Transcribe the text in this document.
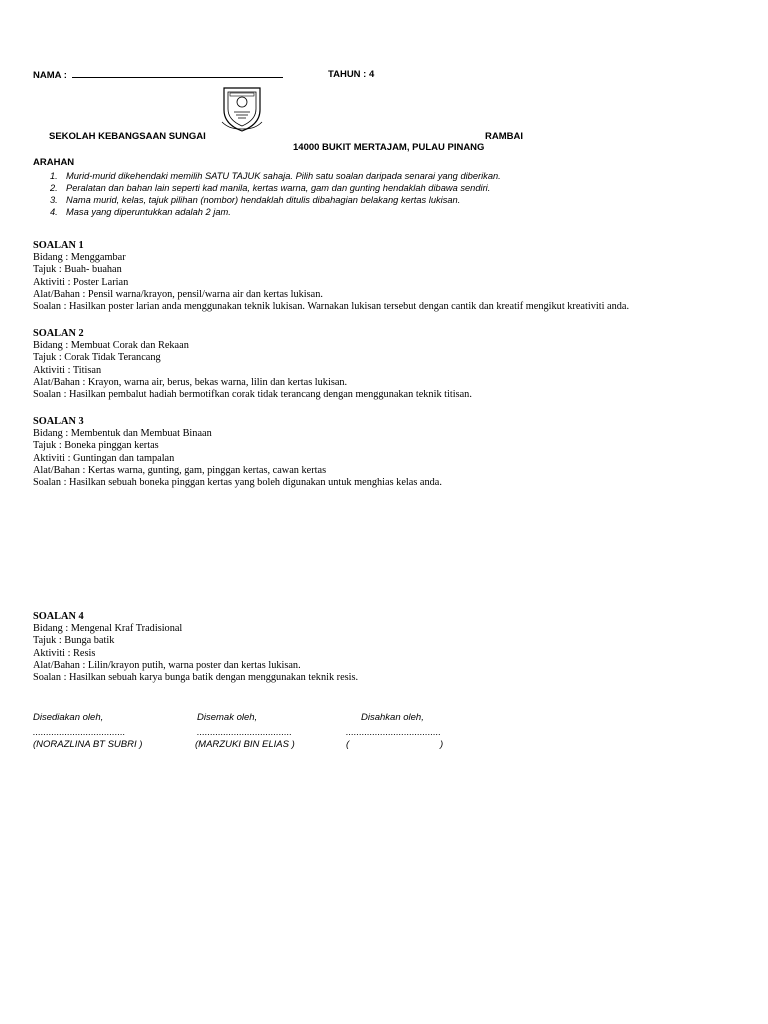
NAMA :	TAHUN : 4
SEKOLAH KEBANGSAAN SUNGAI	RAMBAI
14000 BUKIT MERTAJAM, PULAU PINANG
ARAHAN
1. Murid-murid dikehendaki memilih SATU TAJUK sahaja. Pilih satu soalan daripada senarai yang diberikan.
2. Peralatan dan bahan lain seperti kad manila, kertas warna, gam dan gunting hendaklah dibawa sendiri.
3. Nama murid, kelas, tajuk pilihan (nombor) hendaklah ditulis dibahagian belakang kertas lukisan.
4. Masa yang diperuntukkan adalah 2 jam.
SOALAN 1
Bidang : Menggambar
Tajuk : Buah- buahan
Aktiviti : Poster Larian
Alat/Bahan : Pensil warna/krayon, pensil/warna air dan kertas lukisan.
Soalan : Hasilkan poster larian anda menggunakan teknik lukisan. Warnakan lukisan tersebut dengan cantik dan kreatif mengikut kreativiti anda.
SOALAN 2
Bidang : Membuat Corak dan Rekaan
Tajuk : Corak Tidak Terancang
Aktiviti : Titisan
Alat/Bahan : Krayon, warna air, berus, bekas warna, lilin dan kertas lukisan.
Soalan : Hasilkan pembalut hadiah bermotifkan corak tidak terancang dengan menggunakan teknik titisan.
SOALAN 3
Bidang : Membentuk dan Membuat Binaan
Tajuk : Boneka pinggan kertas
Aktiviti : Guntingan dan tampalan
Alat/Bahan : Kertas warna, gunting, gam, pinggan kertas, cawan kertas
Soalan : Hasilkan sebuah boneka pinggan kertas yang boleh digunakan untuk menghias kelas anda.
SOALAN 4
Bidang : Mengenal Kraf Tradisional
Tajuk : Bunga batik
Aktiviti : Resis
Alat/Bahan : Lilin/krayon putih, warna poster dan kertas lukisan.
Soalan : Hasilkan sebuah karya bunga batik dengan menggunakan teknik resis.
Disediakan oleh,	Disemak oleh,	Disahkan oleh,
...................................	....................................	....................................
(NORAZLINA BT SUBRI )	(MARZUKI BIN ELIAS )	(	)
